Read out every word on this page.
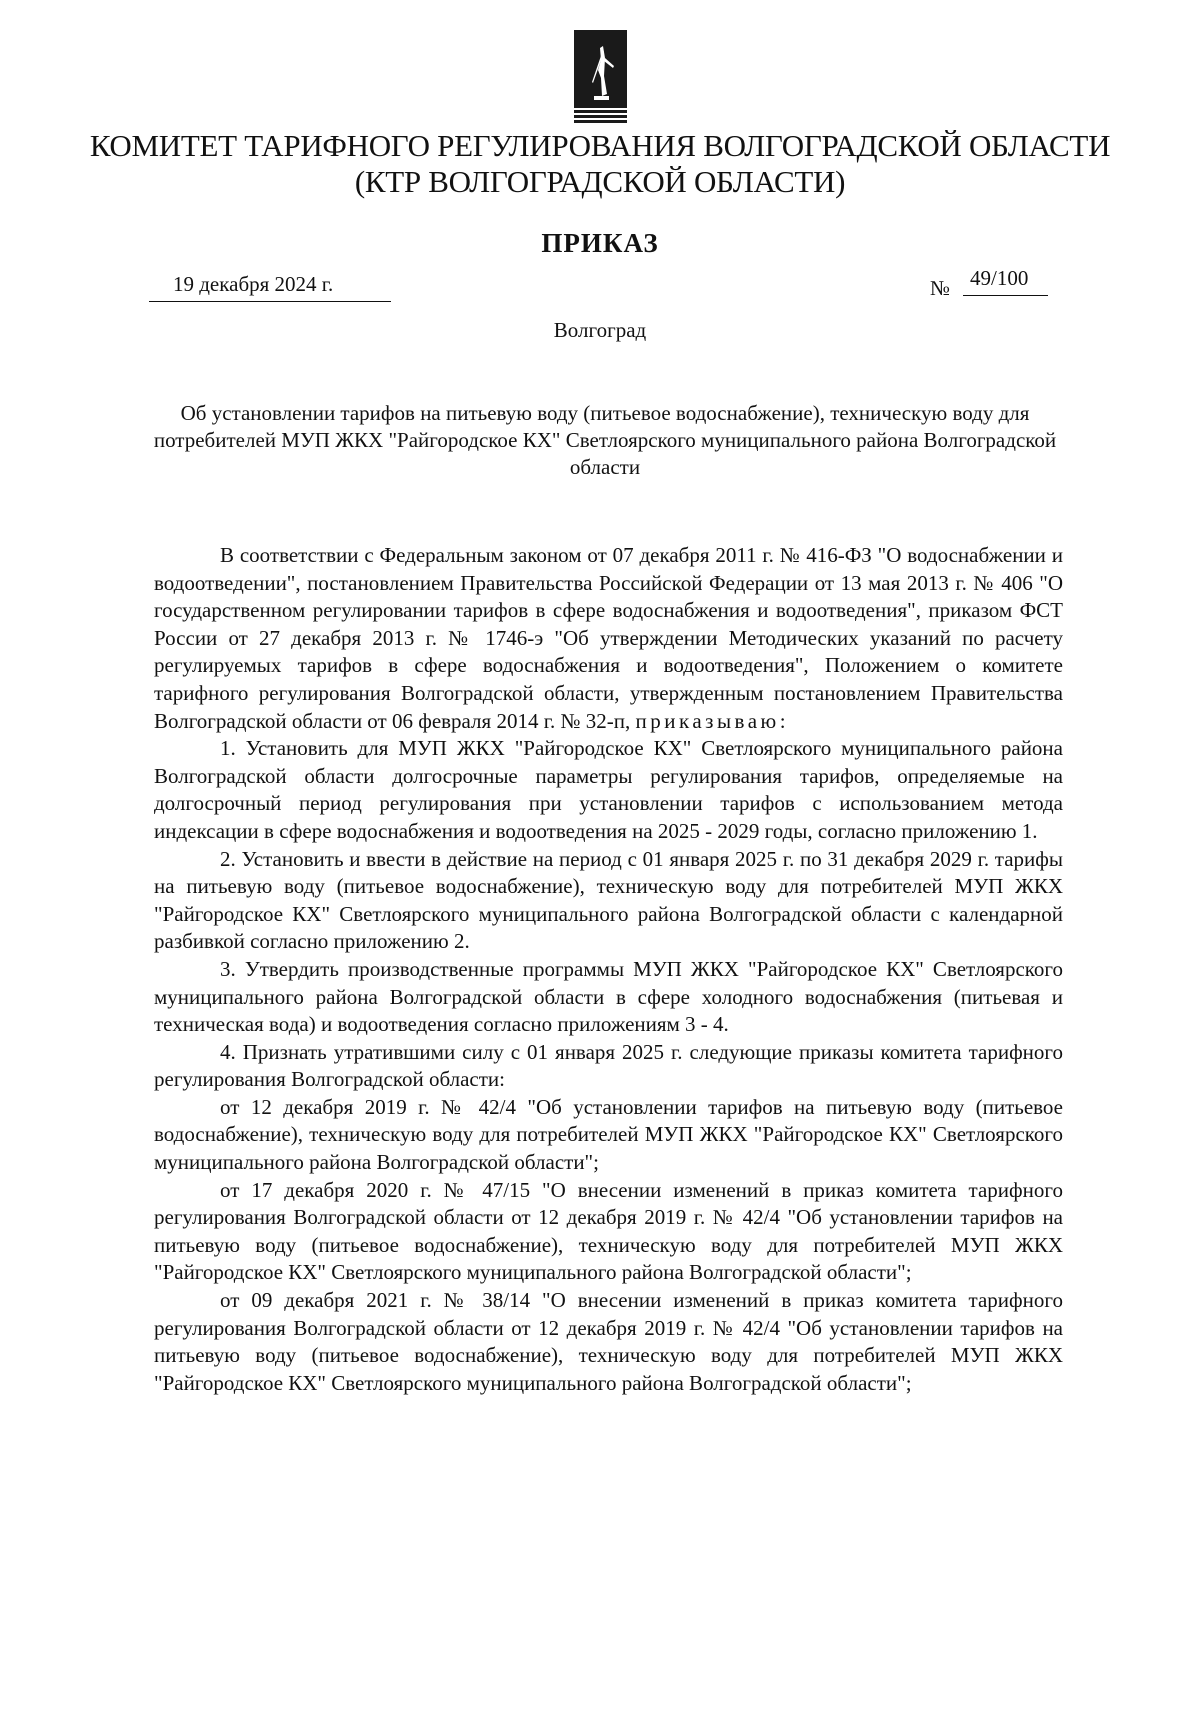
КОМИТЕТ ТАРИФНОГО РЕГУЛИРОВАНИЯ ВОЛГОГРАДСКОЙ ОБЛАСТИ
(КТР ВОЛГОГРАДСКОЙ ОБЛАСТИ)
ПРИКАЗ
19 декабря 2024 г.	№ 49/100
Волгоград
Об установлении тарифов на питьевую воду (питьевое водоснабжение), техническую воду для потребителей МУП ЖКХ "Райгородское КХ" Светлоярского муниципального района Волгоградской области

В соответствии с Федеральным законом от 07 декабря 2011 г. № 416-ФЗ "О водоснабжении и водоотведении", постановлением Правительства Российской Федерации от 13 мая 2013 г. № 406 "О государственном регулировании тарифов в сфере водоснабжения и водоотведения", приказом ФСТ России от 27 декабря 2013 г. № 1746-э "Об утверждении Методических указаний по расчету регулируемых тарифов в сфере водоснабжения и водоотведения", Положением о комитете тарифного регулирования Волгоградской области, утвержденным постановлением Правительства Волгоградской области от 06 февраля 2014 г. № 32-п, приказываю:

1. Установить для МУП ЖКХ "Райгородское КХ" Светлоярского муниципального района Волгоградской области долгосрочные параметры регулирования тарифов, определяемые на долгосрочный период регулирования при установлении тарифов с использованием метода индексации в сфере водоснабжения и водоотведения на 2025 - 2029 годы, согласно приложению 1.

2. Установить и ввести в действие на период с 01 января 2025 г. по 31 декабря 2029 г. тарифы на питьевую воду (питьевое водоснабжение), техническую воду для потребителей МУП ЖКХ "Райгородское КХ" Светлоярского муниципального района Волгоградской области с календарной разбивкой согласно приложению 2.

3. Утвердить производственные программы МУП ЖКХ "Райгородское КХ" Светлоярского муниципального района Волгоградской области в сфере холодного водоснабжения (питьевая и техническая вода) и водоотведения согласно приложениям 3 - 4.

4. Признать утратившими силу с 01 января 2025 г. следующие приказы комитета тарифного регулирования Волгоградской области:

от 12 декабря 2019 г. № 42/4 "Об установлении тарифов на питьевую воду (питьевое водоснабжение), техническую воду для потребителей МУП ЖКХ "Райгородское КХ" Светлоярского муниципального района Волгоградской области";

от 17 декабря 2020 г. № 47/15 "О внесении изменений в приказ комитета тарифного регулирования Волгоградской области от 12 декабря 2019 г. № 42/4 "Об установлении тарифов на питьевую воду (питьевое водоснабжение), техническую воду для потребителей МУП ЖКХ "Райгородское КХ" Светлоярского муниципального района Волгоградской области";

от 09 декабря 2021 г. № 38/14 "О внесении изменений в приказ комитета тарифного регулирования Волгоградской области от 12 декабря 2019 г. № 42/4 "Об установлении тарифов на питьевую воду (питьевое водоснабжение), техническую воду для потребителей МУП ЖКХ "Райгородское КХ" Светлоярского муниципального района Волгоградской области";
